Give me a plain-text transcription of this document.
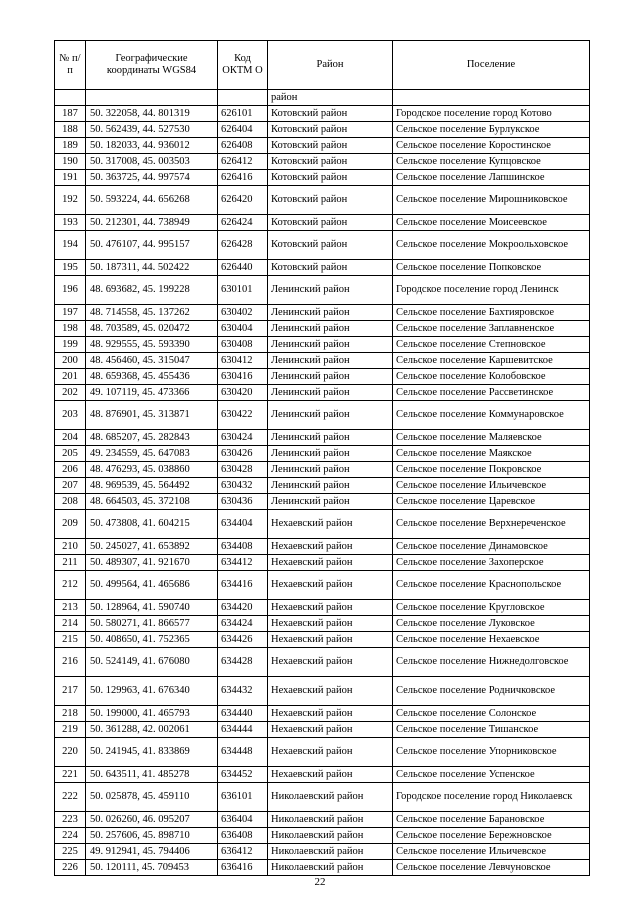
№ п/п	Географические координаты WGS84	Код ОКТМ О	Район	Поселение
			район	
187	50. 322058, 44. 801319	626101	Котовский район	Городское поселение город Котово
188	50. 562439, 44. 527530	626404	Котовский район	Сельское поселение Бурлукское
189	50. 182033, 44. 936012	626408	Котовский район	Сельское поселение Коростинское
190	50. 317008, 45. 003503	626412	Котовский район	Сельское поселение Купцовское
191	50. 363725, 44. 997574	626416	Котовский район	Сельское поселение Лапшинское
192	50. 593224, 44. 656268	626420	Котовский район	Сельское поселение Мирошниковское
193	50. 212301, 44. 738949	626424	Котовский район	Сельское поселение Моисеевское
194	50. 476107, 44. 995157	626428	Котовский район	Сельское поселение Мокроольховское
195	50. 187311, 44. 502422	626440	Котовский район	Сельское поселение Попковское
196	48. 693682, 45. 199228	630101	Ленинский район	Городское поселение город Ленинск
197	48. 714558, 45. 137262	630402	Ленинский район	Сельское поселение Бахтияровское
198	48. 703589, 45. 020472	630404	Ленинский район	Сельское поселение Заплавненское
199	48. 929555, 45. 593390	630408	Ленинский район	Сельское поселение Степновское
200	48. 456460, 45. 315047	630412	Ленинский район	Сельское поселение Каршевитское
201	48. 659368, 45. 455436	630416	Ленинский район	Сельское поселение Колобовское
202	49. 107119, 45. 473366	630420	Ленинский район	Сельское поселение Рассветинское
203	48. 876901, 45. 313871	630422	Ленинский район	Сельское поселение Коммунаровское
204	48. 685207, 45. 282843	630424	Ленинский район	Сельское поселение Маляевское
205	49. 234559, 45. 647083	630426	Ленинский район	Сельское поселение Маякское
206	48. 476293, 45. 038860	630428	Ленинский район	Сельское поселение Покровское
207	48. 969539, 45. 564492	630432	Ленинский район	Сельское поселение Ильичевское
208	48. 664503, 45. 372108	630436	Ленинский район	Сельское поселение Царевское
209	50. 473808, 41. 604215	634404	Нехаевский район	Сельское поселение Верхнереченское
210	50. 245027, 41. 653892	634408	Нехаевский район	Сельское поселение Динамовское
211	50. 489307, 41. 921670	634412	Нехаевский район	Сельское поселение Захоперское
212	50. 499564, 41. 465686	634416	Нехаевский район	Сельское поселение Краснопольское
213	50. 128964, 41. 590740	634420	Нехаевский район	Сельское поселение Кругловское
214	50. 580271, 41. 866577	634424	Нехаевский район	Сельское поселение Луковское
215	50. 408650, 41. 752365	634426	Нехаевский район	Сельское поселение Нехаевское
216	50. 524149, 41. 676080	634428	Нехаевский район	Сельское поселение Нижнедолговское
217	50. 129963, 41. 676340	634432	Нехаевский район	Сельское поселение Родничковское
218	50. 199000, 41. 465793	634440	Нехаевский район	Сельское поселение Солонское
219	50. 361288, 42. 002061	634444	Нехаевский район	Сельское поселение Тишанское
220	50. 241945, 41. 833869	634448	Нехаевский район	Сельское поселение Упорниковское
221	50. 643511, 41. 485278	634452	Нехаевский район	Сельское поселение Успенское
222	50. 025878, 45. 459110	636101	Николаевский район	Городское поселение город Николаевск
223	50. 026260, 46. 095207	636404	Николаевский район	Сельское поселение Барановское
224	50. 257606, 45. 898710	636408	Николаевский район	Сельское поселение Бережновское
225	49. 912941, 45. 794406	636412	Николаевский район	Сельское поселение Ильичевское
226	50. 120111, 45. 709453	636416	Николаевский район	Сельское поселение Левчуновское
22
